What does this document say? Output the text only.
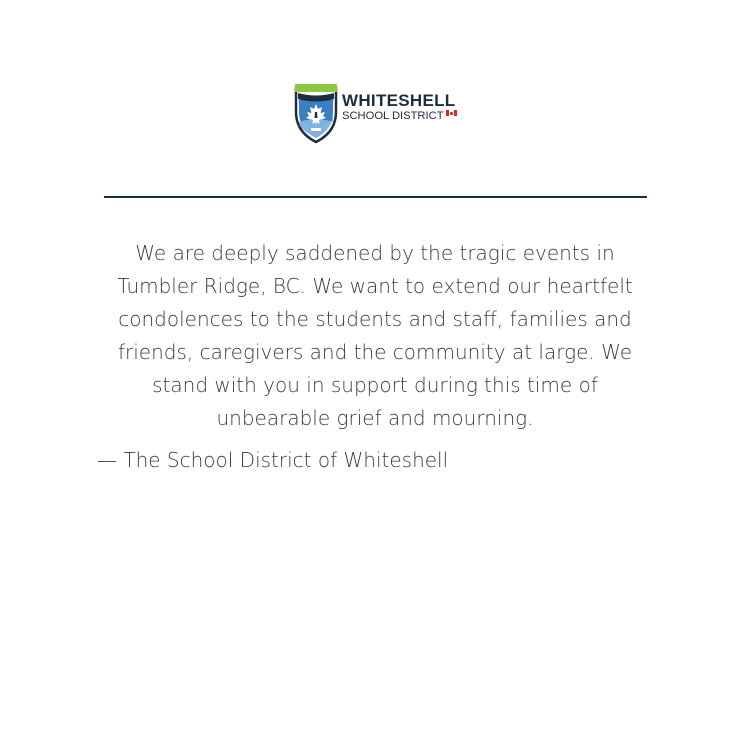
WHITESHELL
SCHOOL DISTRICT
We are deeply saddened by the tragic events in
Tumbler Ridge, BC. We want to extend our heartfelt
condolences to the students and staff, families and
friends, caregivers and the community at large. We
stand with you in support during this time of
unbearable grief and mourning.
— The School District of Whiteshell
